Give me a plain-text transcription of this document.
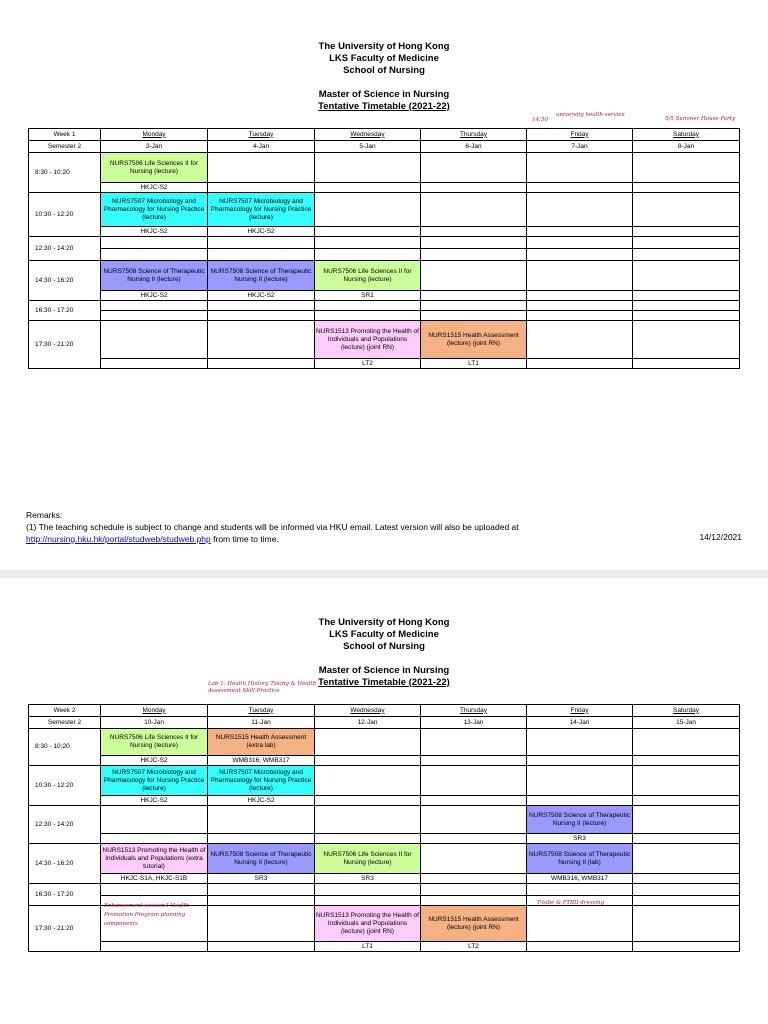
The University of Hong Kong
LKS Faculty of Medicine
School of Nursing
Master of Science in Nursing
Tentative Timetable (2021-22)
14:30
university health service
5/5 Summer House Party
Week 1	Monday	Tuesday	Wednesday	Thursday	Friday	Saturday
Semester 2	3-Jan	4-Jan	5-Jan	6-Jan	7-Jan	8-Jan
8:30 - 10:20	NURS7506 Life Sciences II for Nursing (lecture)					
	HKJC-S2					
10:30 - 12:20	NURS7507 Microbiology and Pharmacology for Nursing Practice (lecture)	NURS7507 Microbiology and Pharmacology for Nursing Practice (lecture)				
	HKJC-S2	HKJC-S2				
12:30 - 14:20						

14:30 - 16:20	NURS7508 Science of Therapeutic Nursing II (lecture)	NURS7508 Science of Therapeutic Nursing II (lecture)	NURS7506 Life Sciences II for Nursing (lecture)			
	HKJC-S2	HKJC-S2	SR1			
16:30 - 17:20						

17:30 - 21:20			NURS1513 Promoting the Health of Individuals and Populations (lecture) (joint RN)	NURS1515 Health Assessment (lecture) (joint RN)		
			LT2	LT1		
Remarks:
(1) The teaching schedule is subject to change and students will be informed via HKU email. Latest version will also be uploaded at
http://nursing.hku.hk/portal/studweb/studweb.php from time to time.	14/12/2021
The University of Hong Kong
LKS Faculty of Medicine
School of Nursing
Master of Science in Nursing
Tentative Timetable (2021-22)
Lab 1: Health History Taking & Health Assessment Skill Practice
Week 2	Monday	Tuesday	Wednesday	Thursday	Friday	Saturday
Semester 2	10-Jan	11-Jan	12-Jan	13-Jan	14-Jan	15-Jan
8:30 - 10:20	NURS7506 Life Sciences II for Nursing (lecture)	NURS1515 Health Assessment (extra lab)				
	HKJC-S2	WMB316, WMB317				
10:30 - 12:20	NURS7507 Microbiology and Pharmacology for Nursing Practice (lecture)	NURS7507 Microbiology and Pharmacology for Nursing Practice (lecture)				
	HKJC-S2	HKJC-S2				
12:30 - 14:20					NURS7508 Science of Therapeutic Nursing II (lecture)	
					SR3	
14:30 - 16:20	NURS1513 Promoting the Health of Individuals and Populations (extra tutorial)	NURS7508 Science of Therapeutic Nursing II (lecture)	NURS7506 Life Sciences II for Nursing (lecture)		NURS7508 Science of Therapeutic Nursing II (lab)	
	HKJC-S1A, HKJC-S1B	SR3	SR3		WMB316, WMB317	
16:30 - 17:20						

17:30 - 21:20			NURS1513 Promoting the Health of Individuals and Populations (lecture) (joint RN)	NURS1515 Health Assessment (lecture) (joint RN)		
			LT1	LT2		
Enhancement session I Health Promotion Program planning components
T-tube & PTBD dressing
